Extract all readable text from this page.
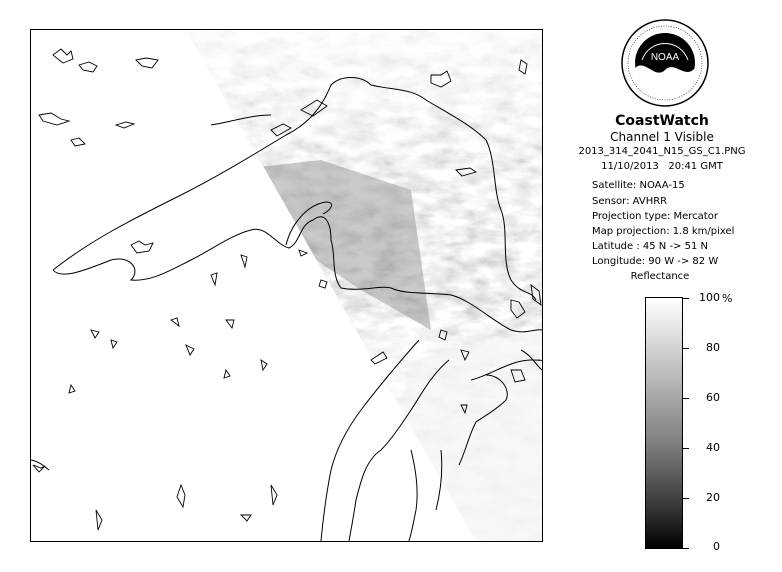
NOAA
CoastWatch
Channel 1 Visible
2013_314_2041_N15_GS_C1.PNG
11/10/2013 20:41 GMT
Satellite: NOAA-15
Sensor: AVHRR
Projection type: Mercator
Map projection: 1.8 km/pixel
Latitude : 45 N -> 51 N
Longitude: 90 W -> 82 W
Reflectance
%
100
80
60
40
20
0
